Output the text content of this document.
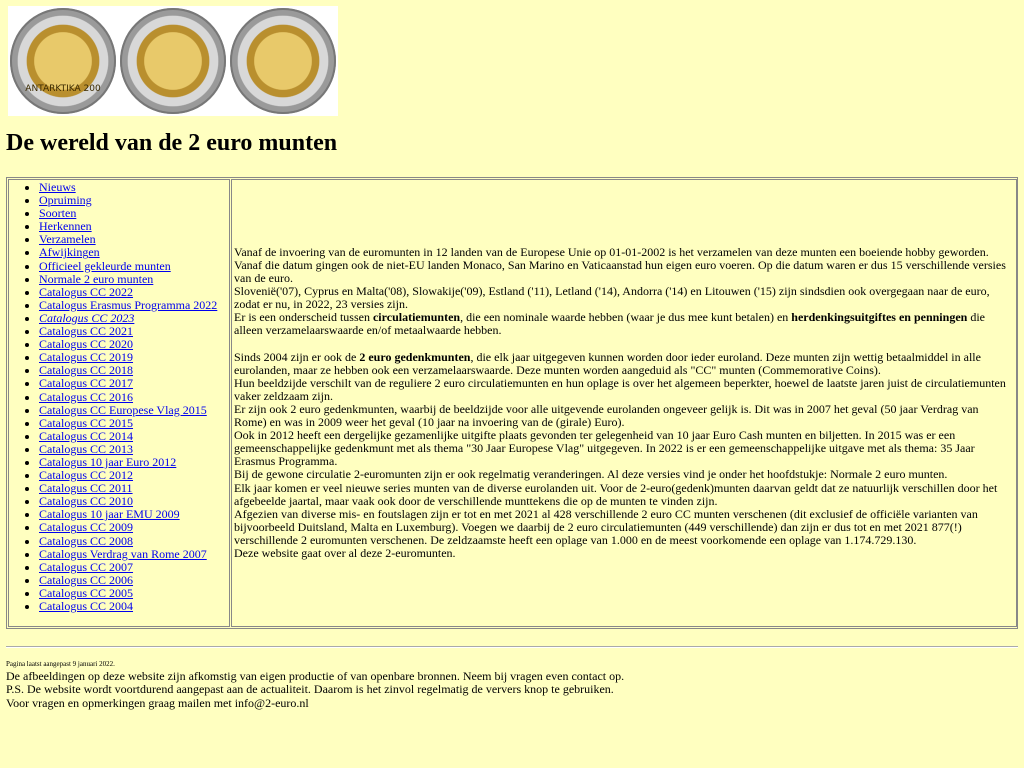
ANTARKTIKA 200
De wereld van de 2 euro munten
• Nieuws
• Opruiming
• Soorten
• Herkennen
• Verzamelen
• Afwijkingen
• Officieel gekleurde munten
• Normale 2 euro munten
• Catalogus CC 2022
• Catalogus Erasmus Programma 2022
• Catalogus CC 2023
• Catalogus CC 2021
• Catalogus CC 2020
• Catalogus CC 2019
• Catalogus CC 2018
• Catalogus CC 2017
• Catalogus CC 2016
• Catalogus CC Europese Vlag 2015
• Catalogus CC 2015
• Catalogus CC 2014
• Catalogus CC 2013
• Catalogus 10 jaar Euro 2012
• Catalogus CC 2012
• Catalogus CC 2011
• Catalogus CC 2010
• Catalogus 10 jaar EMU 2009
• Catalogus CC 2009
• Catalogus CC 2008
• Catalogus Verdrag van Rome 2007
• Catalogus CC 2007
• Catalogus CC 2006
• Catalogus CC 2005
• Catalogus CC 2004

Vanaf de invoering van de euromunten in 12 landen van de Europese Unie op 01-01-2002 is het verzamelen van deze munten een boeiende hobby geworden. Vanaf die datum gingen ook de niet-EU landen Monaco, San Marino en Vaticaanstad hun eigen euro voeren. Op die datum waren er dus 15 verschillende versies van de euro.

Slovenië('07), Cyprus en Malta('08), Slowakije('09), Estland ('11), Letland ('14), Andorra ('14) en Litouwen ('15) zijn sindsdien ook overgegaan naar de euro, zodat er nu, in 2022, 23 versies zijn.

Er is een onderscheid tussen circulatiemunten, die een nominale waarde hebben (waar je dus mee kunt betalen) en herdenkingsuitgiftes en penningen die alleen verzamelaarswaarde en/of metaalwaarde hebben.

Sinds 2004 zijn er ook de 2 euro gedenkmunten, die elk jaar uitgegeven kunnen worden door ieder euroland. Deze munten zijn wettig betaalmiddel in alle eurolanden, maar ze hebben ook een verzamelaarswaarde. Deze munten worden aangeduid als "CC" munten (Commemorative Coins).

Hun beeldzijde verschilt van de reguliere 2 euro circulatiemunten en hun oplage is over het algemeen beperkter, hoewel de laatste jaren juist de circulatiemunten vaker zeldzaam zijn.

Er zijn ook 2 euro gedenkmunten, waarbij de beeldzijde voor alle uitgevende eurolanden ongeveer gelijk is. Dit was in 2007 het geval (50 jaar Verdrag van Rome) en was in 2009 weer het geval (10 jaar na invoering van de (girale) Euro).

Ook in 2012 heeft een dergelijke gezamenlijke uitgifte plaats gevonden ter gelegenheid van 10 jaar Euro Cash munten en biljetten. In 2015 was er een gemeenschappelijke gedenkmunt met als thema "30 Jaar Europese Vlag" uitgegeven. In 2022 is er een gemeenschappelijke uitgave met als thema: 35 Jaar Erasmus Programma.

Bij de gewone circulatie 2-euromunten zijn er ook regelmatig veranderingen. Al deze versies vind je onder het hoofdstukje: Normale 2 euro munten.

Elk jaar komen er veel nieuwe series munten van de diverse eurolanden uit. Voor de 2-euro(gedenk)munten daarvan geldt dat ze natuurlijk verschillen door het afgebeelde jaartal, maar vaak ook door de verschillende munttekens die op de munten te vinden zijn.

Afgezien van diverse mis- en foutslagen zijn er tot en met 2021 al 428 verschillende 2 euro CC munten verschenen (dit exclusief de officiële varianten van bijvoorbeeld Duitsland, Malta en Luxemburg). Voegen we daarbij de 2 euro circulatiemunten (449 verschillende) dan zijn er dus tot en met 2021 877(!) verschillende 2 euromunten verschenen. De zeldzaamste heeft een oplage van 1.000 en de meest voorkomende een oplage van 1.174.729.130.

Deze website gaat over al deze 2-euromunten.

Pagina laatst aangepast 9 januari 2022.

De afbeeldingen op deze website zijn afkomstig van eigen productie of van openbare bronnen. Neem bij vragen even contact op.

P.S. De website wordt voortdurend aangepast aan de actualiteit. Daarom is het zinvol regelmatig de ververs knop te gebruiken.

Voor vragen en opmerkingen graag mailen met info@2-euro.nl
